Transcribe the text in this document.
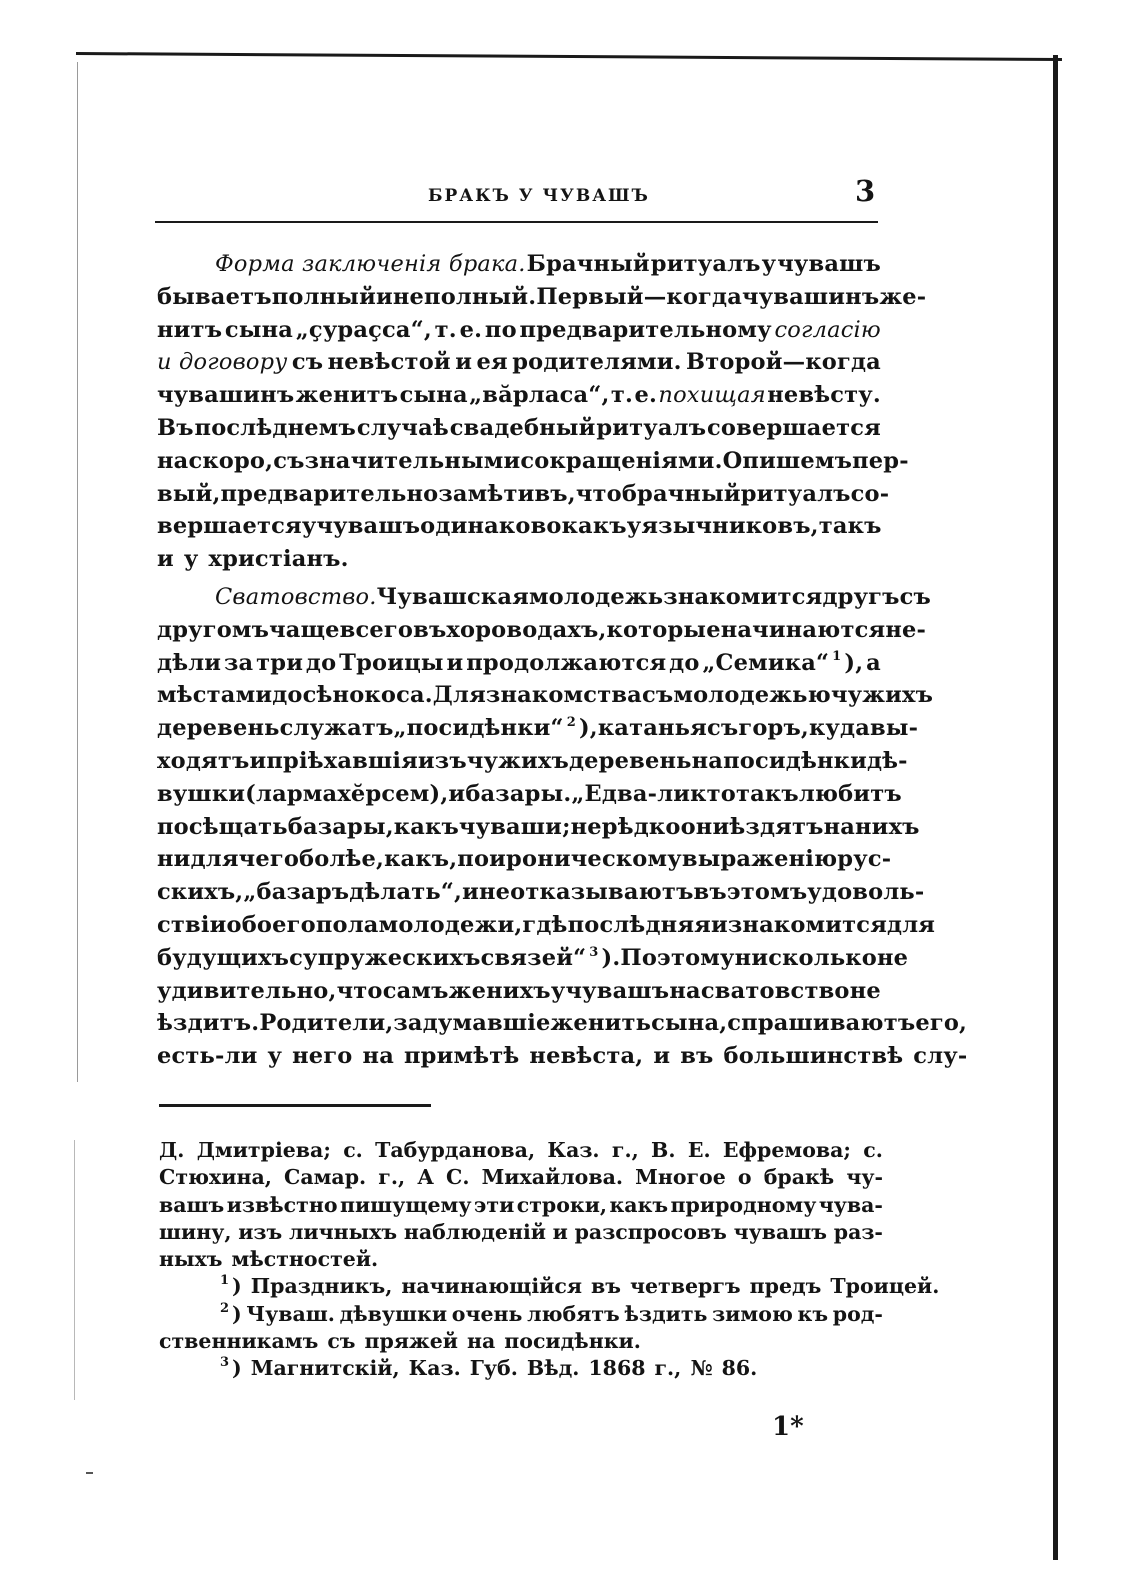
БРАКЪ У ЧУВАШЪ	3
Форма заключенія брака. Брачный ритуалъ у чувашъ
бываетъ полный и неполный. Первый—когда чувашинъ же-
нитъ сына „çураçса“, т. е. по предварительному согласію
и договору съ невѣстой и ея родителями. Второй—когда
чувашинъ женитъ сына „вăрласа“, т. е. похищая невѣсту.
Въ послѣднемъ случаѣ свадебный ритуалъ совершается
наскоро, съ значительными сокращеніями. Опишемъ пер-
вый, предварительно замѣтивъ, что брачный ритуалъ со-
вершается у чувашъ одинаково какъ у язычниковъ, такъ
и у христіанъ.
Сватовство. Чувашская молодежь знакомится другъ съ
другомъ чаще всего въ хороводахъ, которые начинаются не-
дѣли за три до Троицы и продолжаются до „Семика“ $^1$ ), а
мѣстами до сѣнокоса. Для знакомства съ молодежью чужихъ
деревень служатъ „посидѣнки“ $^2$ ), катанья съ горъ, куда вы-
ходятъ и пріѣхавшія изъ чужихъ деревень на посидѣнки дѣ-
вушки (ларма хĕрсем), и базары. „Едва-ли кто такъ любитъ
посѣщать базары, какъ чуваши; нерѣдко они ѣздятъ на нихъ
ни для чего болѣе, какъ, по ироническому выраженію рус-
скихъ, „базаръ дѣлать“, и не отказываютъ въ этомъ удоволь-
ствіи обоего пола молодежи, гдѣ послѣдняя и знакомится для
будущихъ супружескихъ связей“ $^3$ ). Поэтому нисколько не
удивительно, что самъ женихъ у чувашъ на сватовство не
ѣздитъ. Родители, задумавшіе женить сына, спрашиваютъ его,
есть-ли у него на примѣтѣ невѣста, и въ большинствѣ слу-
Д. Дмитріева; с. Табурданова, Каз. г., В. Е. Ефремова; с.
Стюхина, Самар. г., А С. Михайлова. Многое о бракѣ чу-
вашъ извѣстно пишущему эти строки, какъ природному чува-
шину, изъ личныхъ наблюденій и разспросовъ чувашъ раз-
ныхъ мѣстностей.
$^1$ ) Праздникъ, начинающійся въ четвергъ предъ Троицей.
$^2$ ) Чуваш. дѣвушки очень любятъ ѣздить зимою къ род-
ственникамъ съ пряжей на посидѣнки.
$^3$ ) Магнитскій, Каз. Губ. Вѣд. 1868 г., № 86.
1*
